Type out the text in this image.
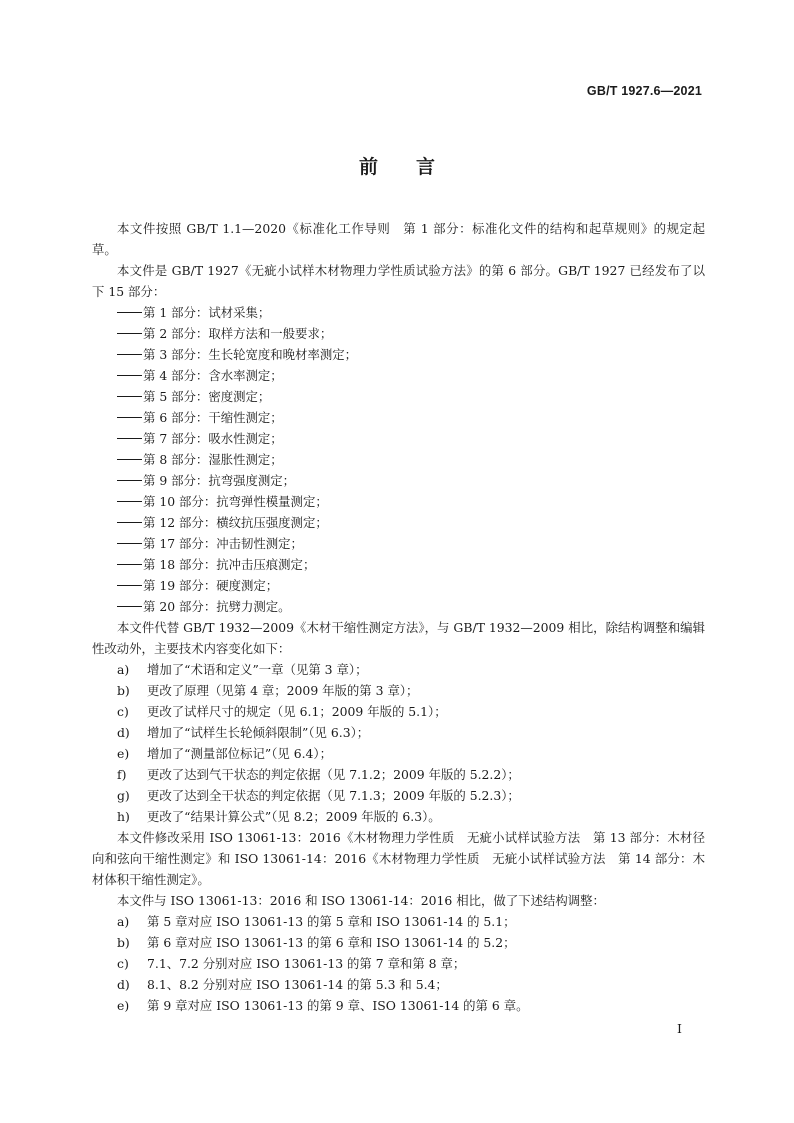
GB/T 1927.6—2021
前 言

本文件按照 GB/T 1.1—2020《标准化工作导则　第 1 部分：标准化文件的结构和起草规则》的规定起草。

本文件是 GB/T 1927《无疵小试样木材物理力学性质试验方法》的第 6 部分。GB/T 1927 已经发布了以下 15 部分：

第 1 部分：试材采集；

第 2 部分：取样方法和一般要求；

第 3 部分：生长轮宽度和晚材率测定；

第 4 部分：含水率测定；

第 5 部分：密度测定；

第 6 部分：干缩性测定；

第 7 部分：吸水性测定；

第 8 部分：湿胀性测定；

第 9 部分：抗弯强度测定；

第 10 部分：抗弯弹性模量测定；

第 12 部分：横纹抗压强度测定；

第 17 部分：冲击韧性测定；

第 18 部分：抗冲击压痕测定；

第 19 部分：硬度测定；

第 20 部分：抗劈力测定。

本文件代替 GB/T 1932—2009《木材干缩性测定方法》，与 GB/T 1932—2009 相比，除结构调整和编辑性改动外，主要技术内容变化如下：

a)	增加了“术语和定义”一章（见第 3 章）；

b)	更改了原理（见第 4 章；2009 年版的第 3 章）；

c)	更改了试样尺寸的规定（见 6.1；2009 年版的 5.1）；

d)	增加了“试样生长轮倾斜限制”（见 6.3）；

e)	增加了“测量部位标记”（见 6.4）；

f)	更改了达到气干状态的判定依据（见 7.1.2；2009 年版的 5.2.2）；

g)	更改了达到全干状态的判定依据（见 7.1.3；2009 年版的 5.2.3）；

h)	更改了“结果计算公式”（见 8.2；2009 年版的 6.3）。

本文件修改采用 ISO 13061-13：2016《木材物理力学性质　无疵小试样试验方法　第 13 部分：木材径向和弦向干缩性测定》和 ISO 13061-14：2016《木材物理力学性质　无疵小试样试验方法　第 14 部分：木材体积干缩性测定》。

本文件与 ISO 13061-13：2016 和 ISO 13061-14：2016 相比，做了下述结构调整：

a)	第 5 章对应 ISO 13061-13 的第 5 章和 ISO 13061-14 的 5.1；

b)	第 6 章对应 ISO 13061-13 的第 6 章和 ISO 13061-14 的 5.2；

c)	7.1、7.2 分别对应 ISO 13061-13 的第 7 章和第 8 章；

d)	8.1、8.2 分别对应 ISO 13061-14 的第 5.3 和 5.4；

e)	第 9 章对应 ISO 13061-13 的第 9 章、ISO 13061-14 的第 6 章。

I
